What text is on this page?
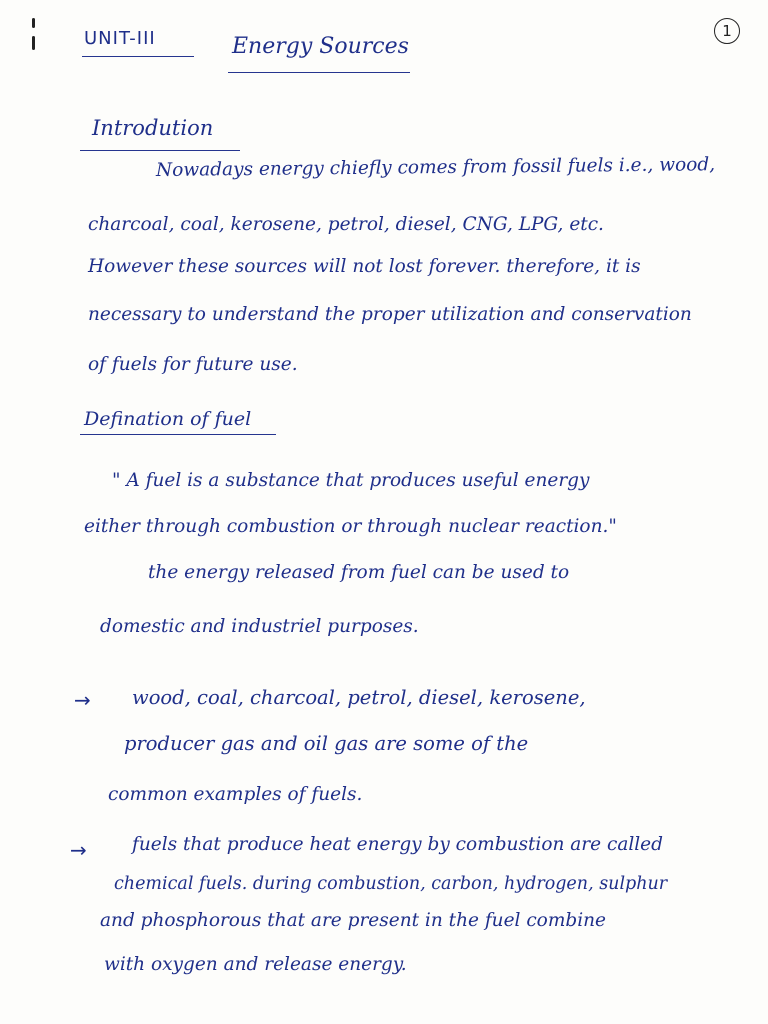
UNIT-III	Energy Sources
1
Introdution
Nowadays energy chiefly comes from fossil fuels i.e., wood,
charcoal, coal, kerosene, petrol, diesel, CNG, LPG, etc.
However these sources will not lost forever. therefore, it is
necessary to understand the proper utilization and conservation
of fuels for future use.
Defination of fuel
" A fuel is a substance that produces useful energy
either through combustion or through nuclear reaction."
the energy released from fuel can be used to
domestic and industriel purposes.
→ wood, coal, charcoal, petrol, diesel, kerosene,
producer gas and oil gas are some of the
common examples of fuels.
→ fuels that produce heat energy by combustion are called
chemical fuels. during combustion, carbon, hydrogen, sulphur
and phosphorous that are present in the fuel combine
with oxygen and release energy.
